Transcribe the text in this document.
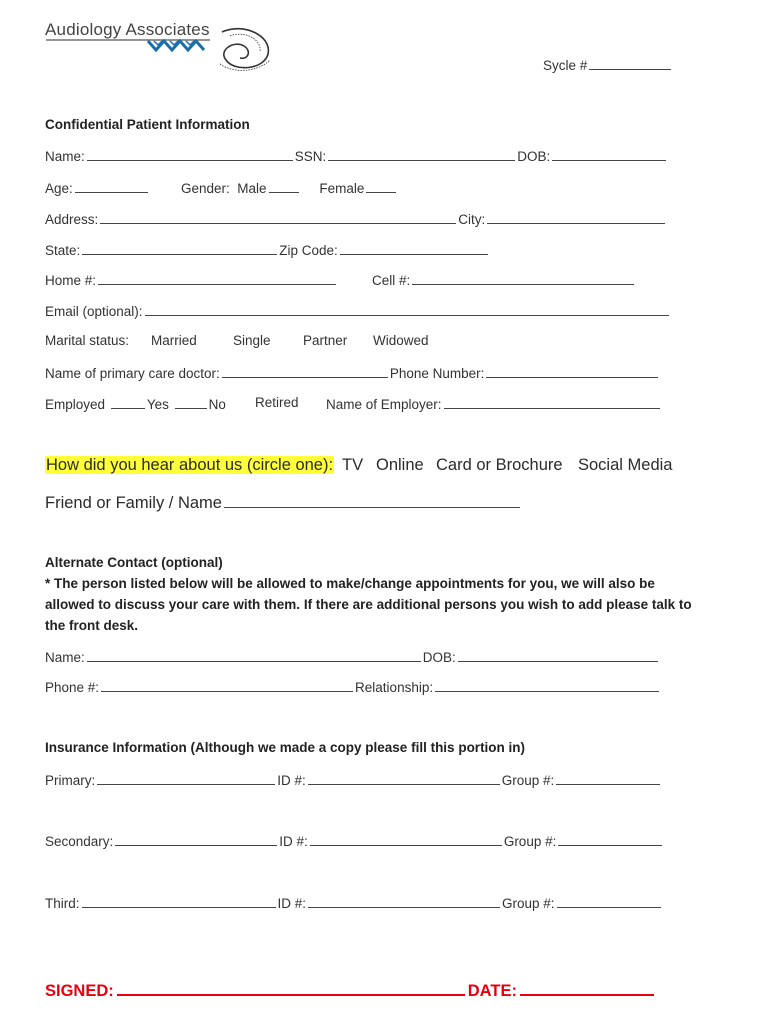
Audiology Associates
Sycle #
Confidential Patient Information
Name:	SSN:	DOB:
Age:	Gender: Male	Female
Address:	City:
State:	Zip Code:
Home #:	Cell #:
Email (optional):
Marital status: Married	Single Partner Widowed
Name of primary care doctor:	Phone Number:
Employed	Yes	No Retired Name of Employer:
How did you hear about us (circle one): TV Online Card or Brochure Social Media
Friend or Family / Name
Alternate Contact (optional)
* The person listed below will be allowed to make/change appointments for you, we will also be
allowed to discuss your care with them. If there are additional persons you wish to add please talk to
the front desk.
Name:	DOB:
Phone #:	Relationship:
Insurance Information (Although we made a copy please fill this portion in)
Primary:	ID #:	Group #:
Secondary:	ID #:	Group #:
Third:	ID #:	Group #:
SIGNED:	DATE:
